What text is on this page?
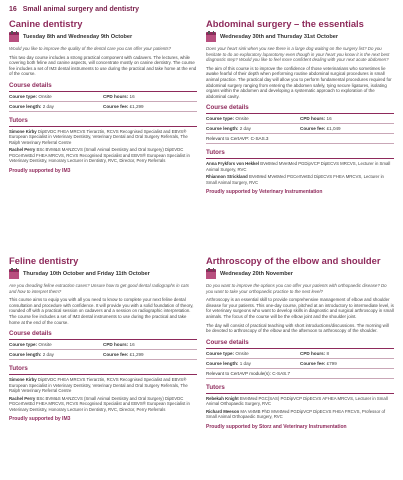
16 Small animal surgery and dentistry
Canine dentistry
Tuesday 8th and Wednesday 9th October
Would you like to improve the quality of the dental care you can offer your patients?
This two day course includes a strong practical component with cadavers. The lectures, while covering both feline and canine aspects, will concentrate mostly on canine dentistry. The course fee includes a set of IM3 dental instruments to use during the practical and take home at the end of the course.
Course details
Course type: Onsite	CPD hours: 16
Course length: 2 day	Course fee: £1,299
Tutors
Simone Kirby DipEVDC FHEA MRCVS Tierarztin, RCVS Recognised Specialist and EBVS® European Specialist in Veterinary Dentistry, Veterinary Dental and Oral Surgery Referrals, The Ralph Veterinary Referral Centre
Rachel Perry BSc BVM&S MANZCVS (Small Animal Dentistry and Oral Surgery) DipEVDC PGCertVetEd FHEA MRCVS, RCVS Recognised Specialist and EBVS® European Specialist in Veterinary Dentistry, Honorary Lecturer in Dentistry, RVC, Director, Perry Referrals
Proudly supported by IM3
Abdominal surgery – the essentials
Wednesday 30th and Thursday 31st October
Does your heart sink when you see there is a large dog waiting on the surgery list? Do you hesitate to do an exploratory laparotomy even though in your heart you know it is the next best diagnostic step? Would you like to feel more confident dealing with your next acute abdomen?
The aim of this course is to improve the confidence of those veterinarians who sometimes lie awake fearful of their depth when performing routine abdominal surgical procedures in small animal practice. The practical day will allow you to perform fundamental procedures required for abdominal surgery ranging from entering the abdomen safely, tying secure ligatures, isolating organs within the abdomen and developing a systematic approach to exploration of the abdominal cavity.
Course details
Course type: Onsite	CPD hours: 16
Course length: 2 day	Course fee: £1,049
Relevant to CertAVP: C-SAS.3
Tutors
Anna Frykfors von Hekkel BVetMed MVetMed PGDipVCP DipECVS MRCVS, Lecturer in Small Animal Surgery, RVC
Rhiannon Strickland BVetMed MVetMed PGCertVetEd DipECVS FHEA MRCVS, Lecturer in Small Animal Surgery, RVC
Proudly supported by Veterinary Instrumentation
Feline dentistry
Thursday 10th October and Friday 11th October
Are you dreading feline extraction cases? Unsure how to get good dental radiographs in cats and how to interpret them?
This course aims to equip you with all you need to know to complete your next feline dental consultation and procedure with confidence. It will provide you with a solid foundation of theory, rounded off with a practical session on cadavers and a session on radiographic interpretation. The course fee includes a set of IM3 dental instruments to use during the practical and take home at the end of the course.
Course details
Course type: Onsite	CPD hours: 16
Course length: 2 day	Course fee: £1,299
Tutors
Simone Kirby DipEVDC FHEA MRCVS Tierarztin, RCVS Recognised Specialist and EBVS® European Specialist in Veterinary Dentistry, Veterinary Dental and Oral Surgery Referrals, The Ralph Veterinary Referral Centre
Rachel Perry BSc BVM&S MANZCVS (Small Animal Dentistry and Oral Surgery) DipEVDC PGCertVetEd FHEA MRCVS, RCVS Recognised Specialist and EBVS® European Specialist in Veterinary Dentistry, Honorary Lecturer in Dentistry, RVC, Director, Perry Referrals
Proudly supported by IM3
Arthroscopy of the elbow and shoulder
Wednesday 20th November
Do you want to improve the options you can offer your patients with orthopaedic disease? Do you want to take your orthopaedic practice to the next level?
Arthroscopy is an essential skill to provide comprehensive management of elbow and shoulder disease for your patients. This one-day course, pitched at an introductory to intermediate level, is for veterinary surgeons who want to develop skills in diagnostic and surgical arthroscopy in small animals. The focus of the course will be the elbow joint and the shoulder joint.
The day will consist of practical teaching with short introductions/discussions. The morning will be devoted to arthroscopy of the elbow and the afternoon to arthroscopy of the shoulder.
Course details
Course type: Onsite	CPD hours: 8
Course length: 1 day	Course fee: £799
Relevant to CertAVP module(s): C-SAS.7
Tutors
Rebekah Knight BVetMed PGC(SAS) PGDipVCP DipECVS AFHEA MRCVS, Lecturer in Small Animal Orthopaedic Surgery, RVC
Richard Meeson MA VetMB PhD MVetMed PGDipVCP DipECVS FHEA FRCVS, Professor of Small Animal Orthopaedic Surgery, RVC
Proudly supported by Storz and Veterinary Instrumentation
